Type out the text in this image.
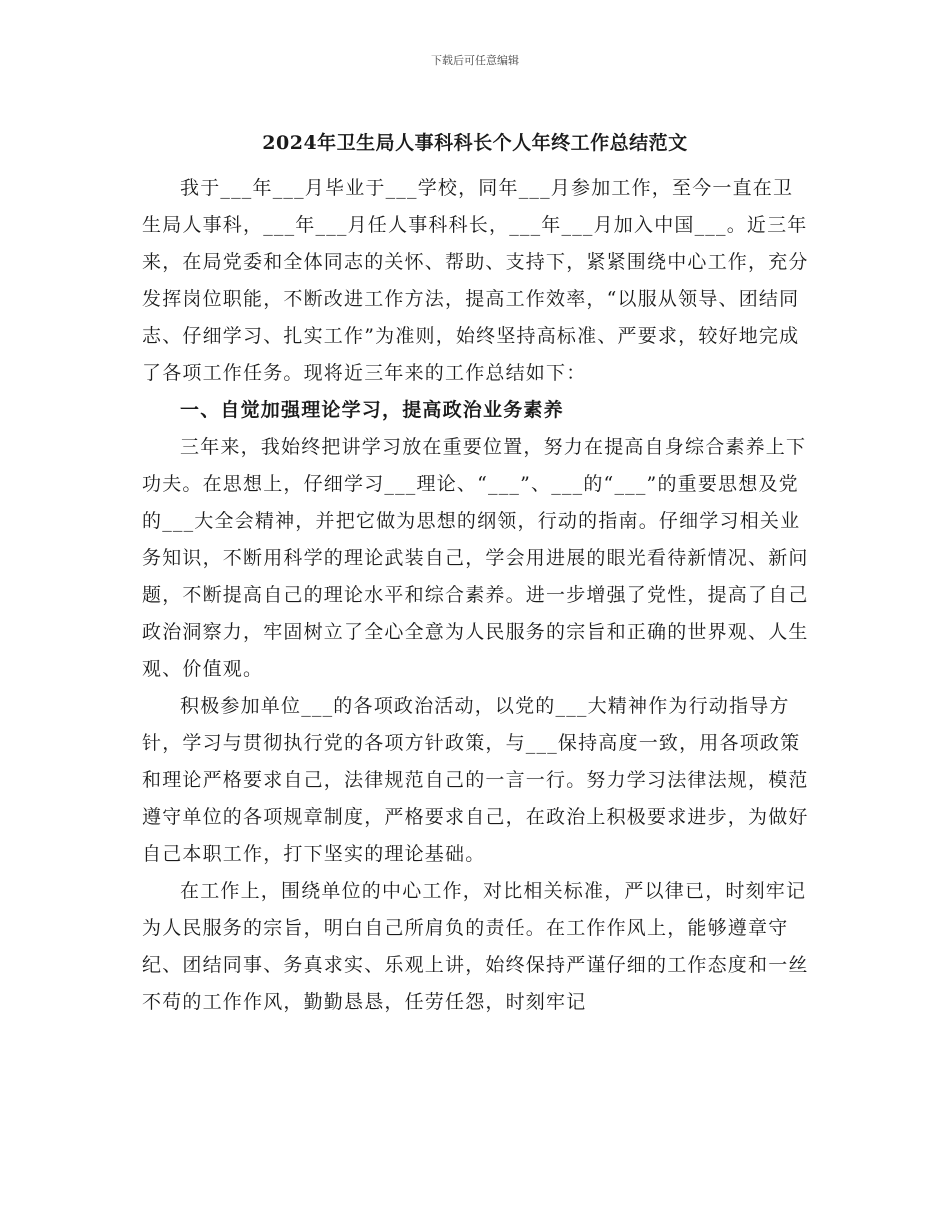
下载后可任意编辑
2024年卫生局人事科科长个人年终工作总结范文

我于___年___月毕业于___学校，同年___月参加工作，至今一直在卫生局人事科，___年___月任人事科科长，___年___月加入中国___。近三年来，在局党委和全体同志的关怀、帮助、支持下，紧紧围绕中心工作，充分发挥岗位职能，不断改进工作方法，提高工作效率，“以服从领导、团结同志、仔细学习、扎实工作”为准则，始终坚持高标准、严要求，较好地完成了各项工作任务。现将近三年来的工作总结如下：

一、自觉加强理论学习，提高政治业务素养

三年来，我始终把讲学习放在重要位置，努力在提高自身综合素养上下功夫。在思想上，仔细学习___理论、“___”、___的“___”的重要思想及党的___大全会精神，并把它做为思想的纲领，行动的指南。仔细学习相关业务知识，不断用科学的理论武装自己，学会用进展的眼光看待新情况、新问题，不断提高自己的理论水平和综合素养。进一步增强了党性，提高了自己政治洞察力，牢固树立了全心全意为人民服务的宗旨和正确的世界观、人生观、价值观。

积极参加单位___的各项政治活动，以党的___大精神作为行动指导方针，学习与贯彻执行党的各项方针政策，与___保持高度一致，用各项政策和理论严格要求自己，法律规范自己的一言一行。努力学习法律法规，模范遵守单位的各项规章制度，严格要求自己，在政治上积极要求进步，为做好自己本职工作，打下坚实的理论基础。

在工作上，围绕单位的中心工作，对比相关标准，严以律已，时刻牢记为人民服务的宗旨，明白自己所肩负的责任。在工作作风上，能够遵章守纪、团结同事、务真求实、乐观上讲，始终保持严谨仔细的工作态度和一丝不苟的工作作风，勤勤恳恳，任劳任怨，时刻牢记
